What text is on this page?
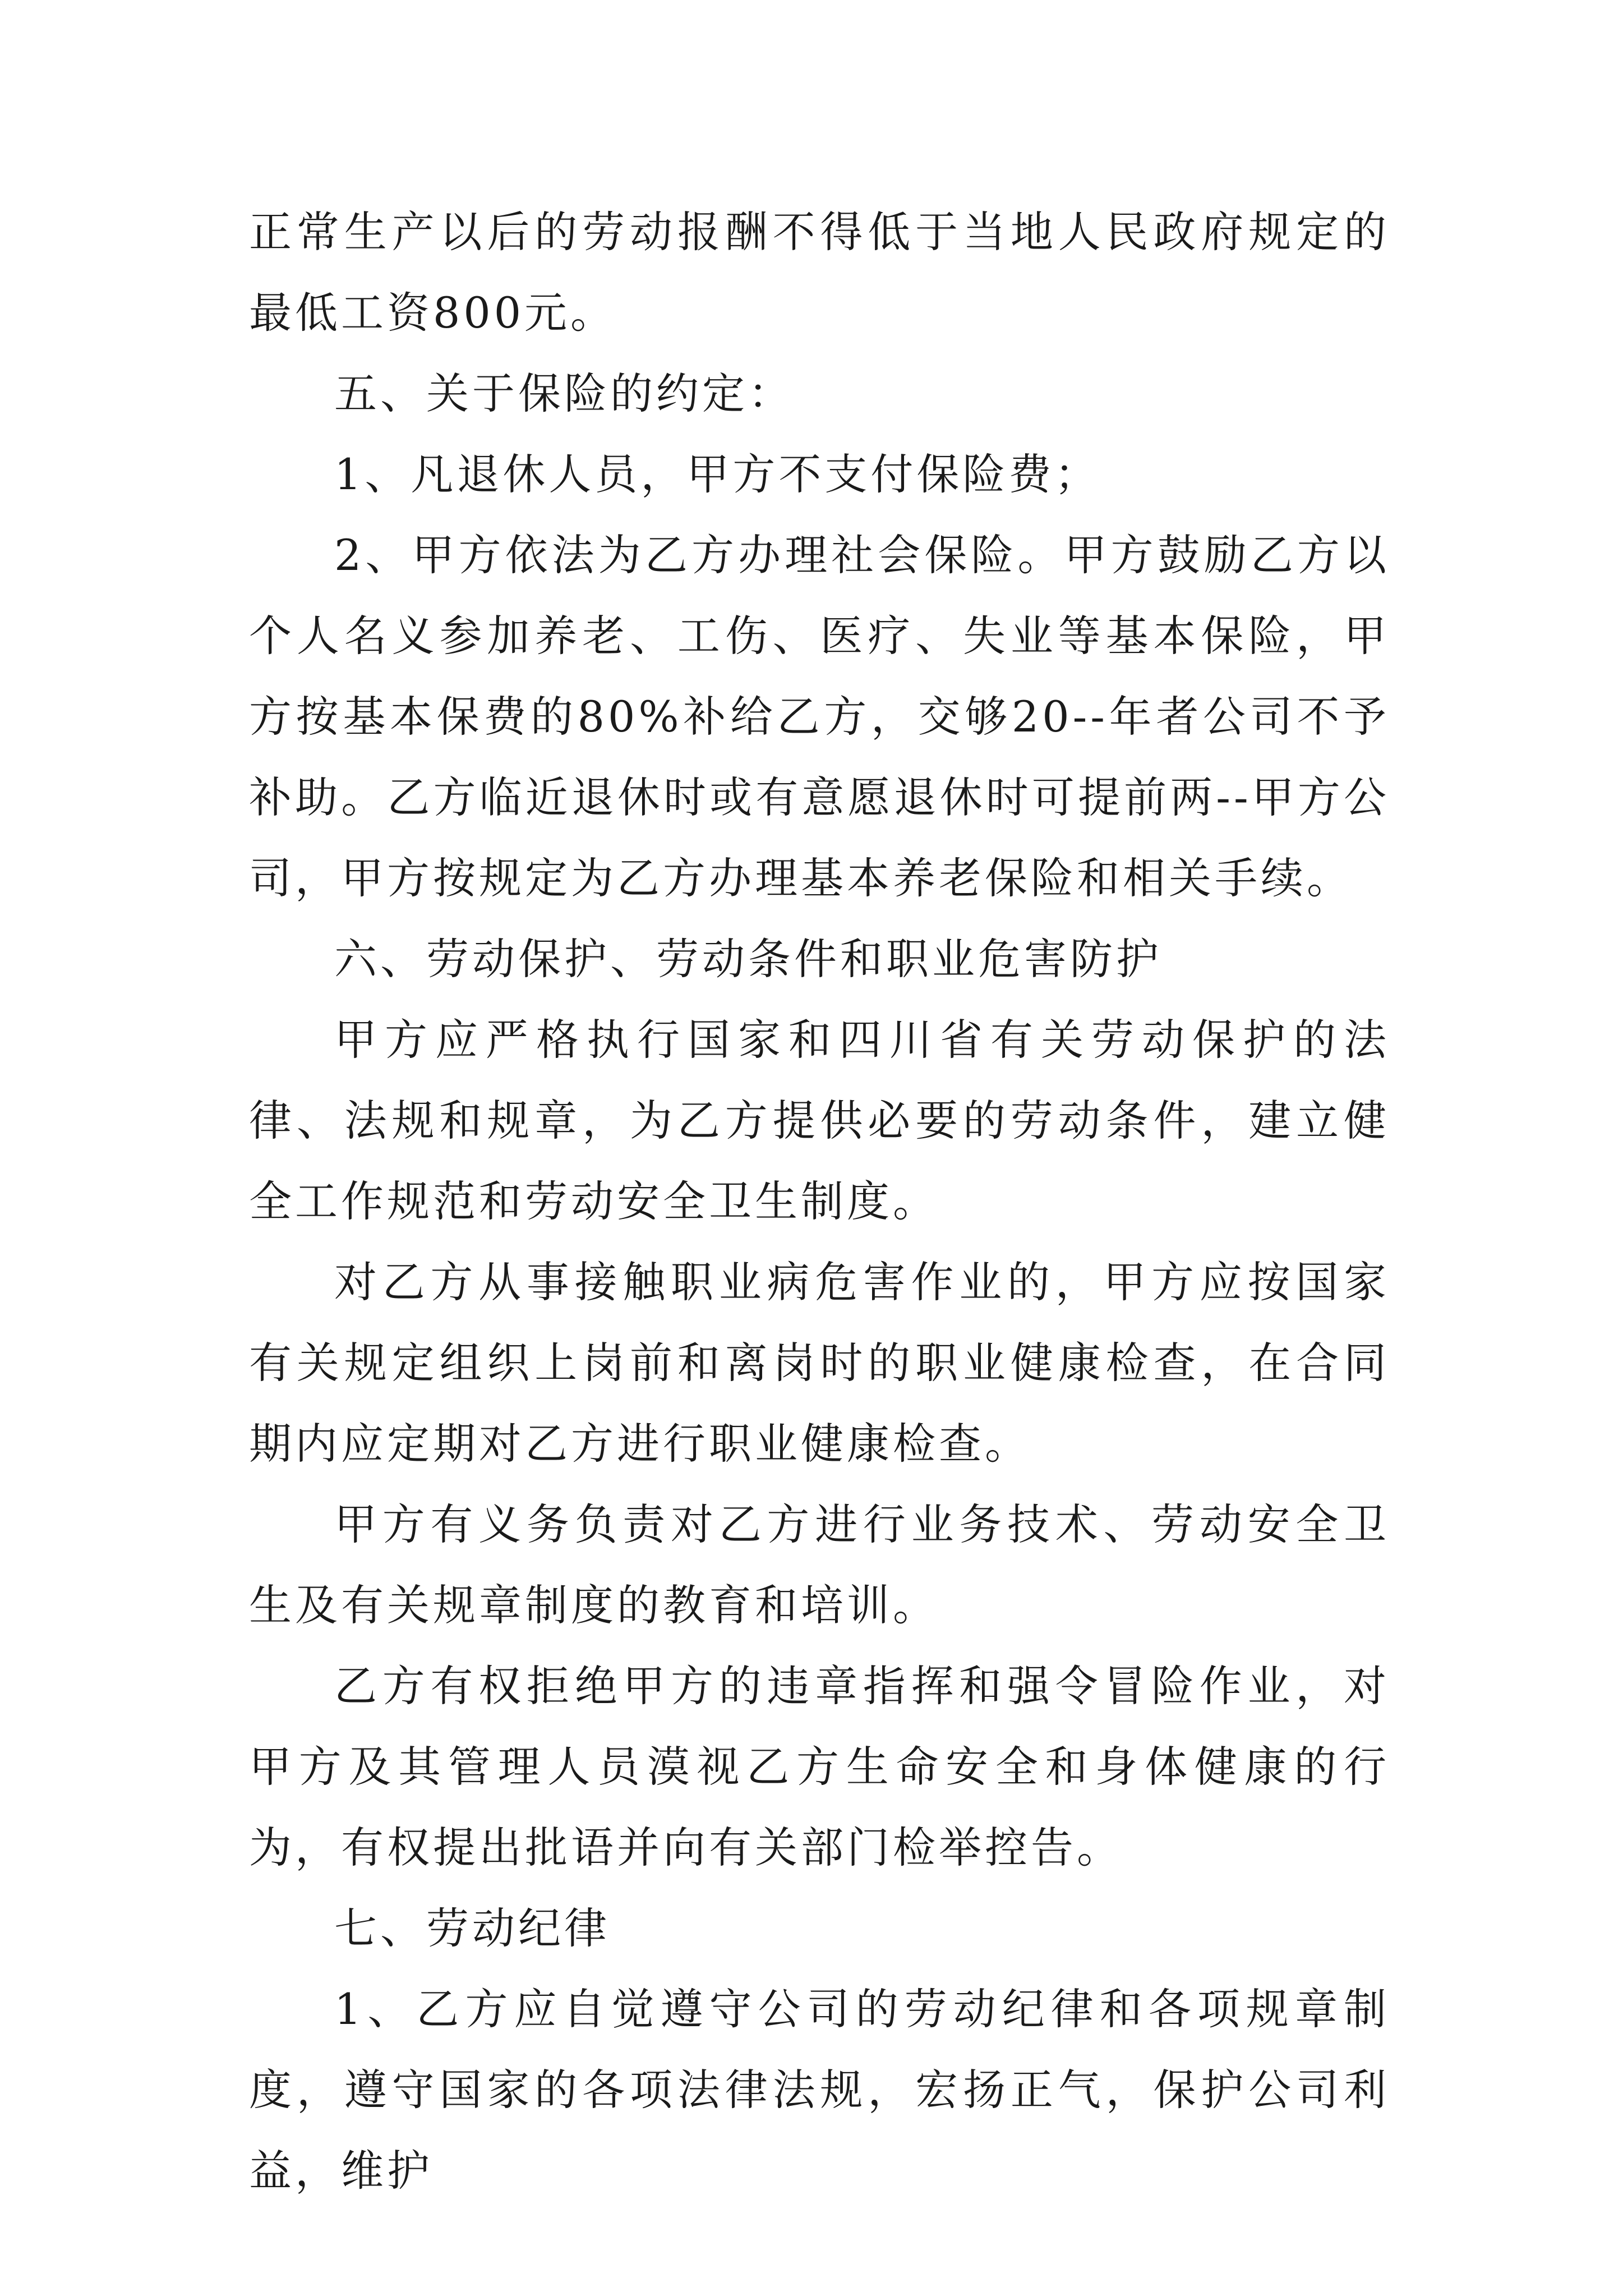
正常生产以后的劳动报酬不得低于当地人民政府规定的最低工资800元。

五、关于保险的约定：

1、凡退休人员，甲方不支付保险费；

2、甲方依法为乙方办理社会保险。甲方鼓励乙方以个人名义参加养老、工伤、医疗、失业等基本保险，甲方按基本保费的80%补给乙方，交够20--年者公司不予补助。乙方临近退休时或有意愿退休时可提前两--甲方公司，甲方按规定为乙方办理基本养老保险和相关手续。

六、劳动保护、劳动条件和职业危害防护

甲方应严格执行国家和四川省有关劳动保护的法律、法规和规章，为乙方提供必要的劳动条件，建立健全工作规范和劳动安全卫生制度。

对乙方从事接触职业病危害作业的，甲方应按国家有关规定组织上岗前和离岗时的职业健康检查，在合同期内应定期对乙方进行职业健康检查。

甲方有义务负责对乙方进行业务技术、劳动安全卫生及有关规章制度的教育和培训。

乙方有权拒绝甲方的违章指挥和强令冒险作业，对甲方及其管理人员漠视乙方生命安全和身体健康的行为，有权提出批语并向有关部门检举控告。

七、劳动纪律

1、乙方应自觉遵守公司的劳动纪律和各项规章制度，遵守国家的各项法律法规，宏扬正气，保护公司利益，维护
